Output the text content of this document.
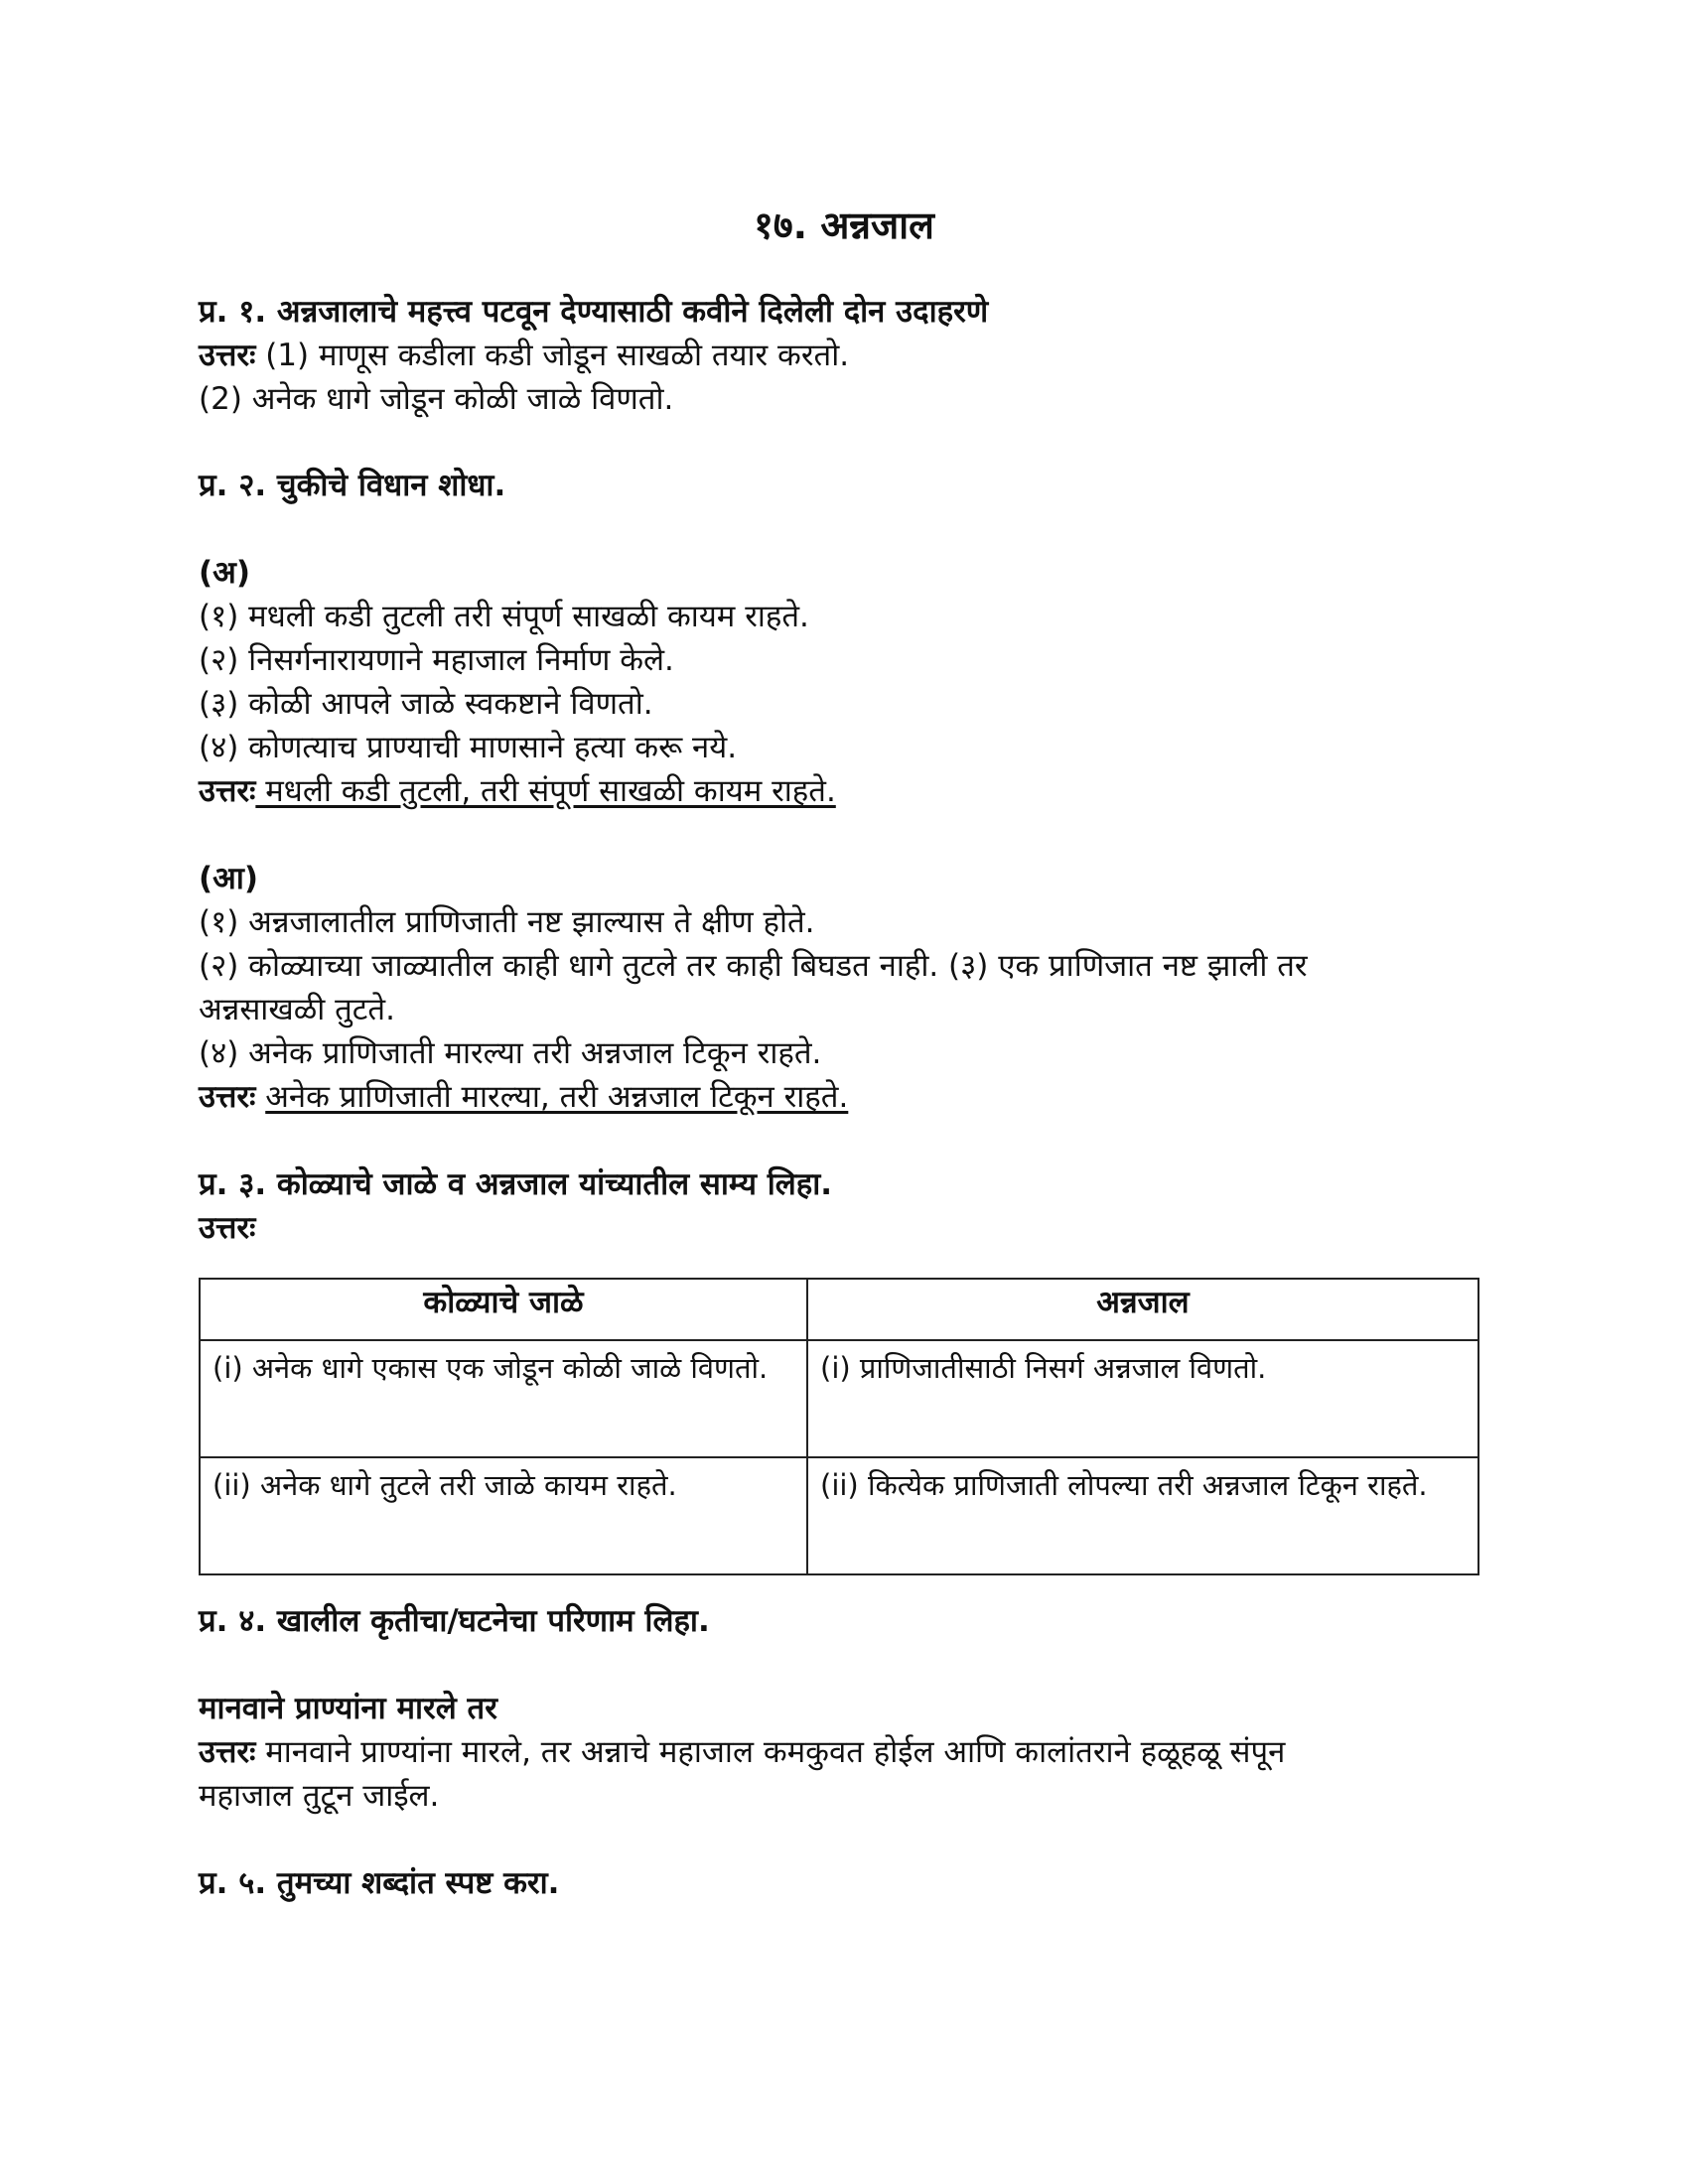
१७. अन्नजाल
प्र. १. अन्नजालाचे महत्त्व पटवून देण्यासाठी कवीने दिलेली दोन उदाहरणे
उत्तरः (1) माणूस कडीला कडी जोडून साखळी तयार करतो.
(2) अनेक धागे जोडून कोळी जाळे विणतो.
प्र. २. चुकीचे विधान शोधा.
(अ)
(१) मधली कडी तुटली तरी संपूर्ण साखळी कायम राहते.
(२) निसर्गनारायणाने महाजाल निर्माण केले.
(३) कोळी आपले जाळे स्वकष्टाने विणतो.
(४) कोणत्याच प्राण्याची माणसाने हत्या करू नये.
उत्तरः मधली कडी तुटली, तरी संपूर्ण साखळी कायम राहते.
(आ)
(१) अन्नजालातील प्राणिजाती नष्ट झाल्यास ते क्षीण होते.
(२) कोळ्याच्या जाळ्यातील काही धागे तुटले तर काही बिघडत नाही. (३) एक प्राणिजात नष्ट झाली तर
अन्नसाखळी तुटते.
(४) अनेक प्राणिजाती मारल्या तरी अन्नजाल टिकून राहते.
उत्तरः अनेक प्राणिजाती मारल्या, तरी अन्नजाल टिकून राहते.
प्र. ३. कोळ्याचे जाळे व अन्नजाल यांच्यातील साम्य लिहा.
उत्तरः
कोळ्याचे जाळे	अन्नजाल
(i) अनेक धागे एकास एक जोडून कोळी जाळे विणतो.	(i) प्राणिजातीसाठी निसर्ग अन्नजाल विणतो.
(ii) अनेक धागे तुटले तरी जाळे कायम राहते.	(ii) कित्येक प्राणिजाती लोपल्या तरी अन्नजाल टिकून राहते.
प्र. ४. खालील कृतीचा/घटनेचा परिणाम लिहा.
मानवाने प्राण्यांना मारले तर
उत्तरः मानवाने प्राण्यांना मारले, तर अन्नाचे महाजाल कमकुवत होईल आणि कालांतराने हळूहळू संपून
महाजाल तुटून जाईल.
प्र. ५. तुमच्या शब्दांत स्पष्ट करा.
